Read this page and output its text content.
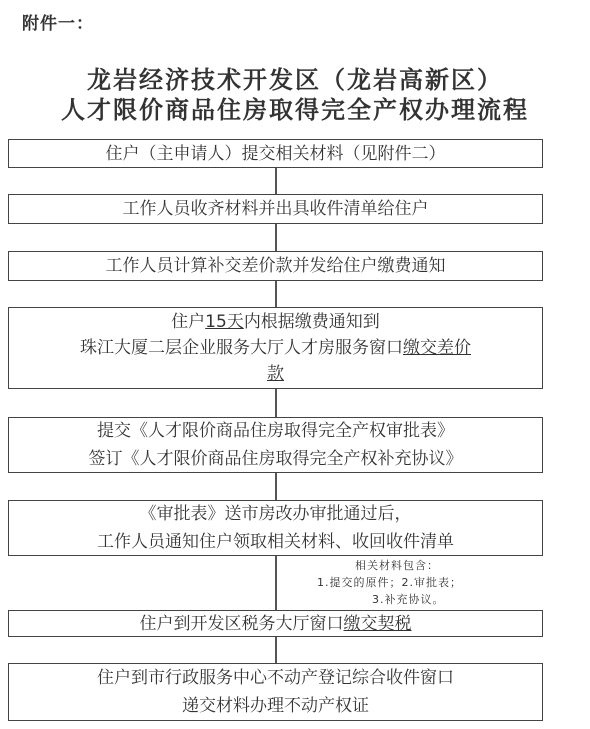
附件一：
龙岩经济技术开发区（龙岩高新区）
人才限价商品住房取得完全产权办理流程
住户（主申请人）提交相关材料（见附件二）
工作人员收齐材料并出具收件清单给住户
工作人员计算补交差价款并发给住户缴费通知
住户15天内根据缴费通知到
珠江大厦二层企业服务大厅人才房服务窗口缴交差价
款
提交《人才限价商品住房取得完全产权审批表》
签订《人才限价商品住房取得完全产权补充协议》
《审批表》送市房改办审批通过后，
工作人员通知住户领取相关材料、收回收件清单
相关材料包含：
1.提交的原件；2.审批表；
3.补充协议。
住户到开发区税务大厅窗口缴交契税
住户到市行政服务中心不动产登记综合收件窗口
递交材料办理不动产权证
